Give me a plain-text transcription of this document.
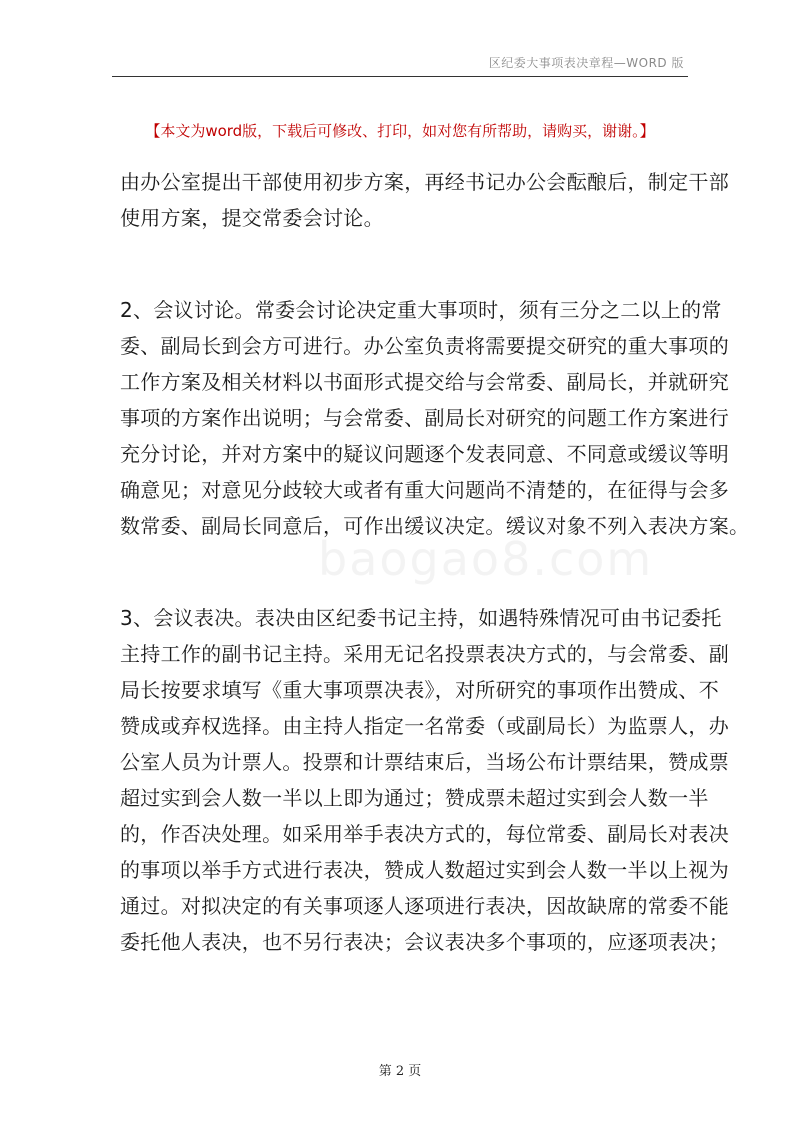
区纪委大事项表决章程—WORD 版
【本文为word版，下载后可修改、打印，如对您有所帮助，请购买，谢谢。】
baogao8.com
由办公室提出干部使用初步方案，再经书记办公会酝酿后，制定干部
使用方案，提交常委会讨论。
2、会议讨论。常委会讨论决定重大事项时，须有三分之二以上的常
委、副局长到会方可进行。办公室负责将需要提交研究的重大事项的
工作方案及相关材料以书面形式提交给与会常委、副局长，并就研究
事项的方案作出说明；与会常委、副局长对研究的问题工作方案进行
充分讨论，并对方案中的疑议问题逐个发表同意、不同意或缓议等明
确意见；对意见分歧较大或者有重大问题尚不清楚的，在征得与会多
数常委、副局长同意后，可作出缓议决定。缓议对象不列入表决方案。
3、会议表决。表决由区纪委书记主持，如遇特殊情况可由书记委托
主持工作的副书记主持。采用无记名投票表决方式的，与会常委、副
局长按要求填写《重大事项票决表》，对所研究的事项作出赞成、不
赞成或弃权选择。由主持人指定一名常委（或副局长）为监票人，办
公室人员为计票人。投票和计票结束后，当场公布计票结果，赞成票
超过实到会人数一半以上即为通过；赞成票未超过实到会人数一半
的，作否决处理。如采用举手表决方式的，每位常委、副局长对表决
的事项以举手方式进行表决，赞成人数超过实到会人数一半以上视为
通过。对拟决定的有关事项逐人逐项进行表决，因故缺席的常委不能
委托他人表决，也不另行表决；会议表决多个事项的，应逐项表决；
第 2 页
